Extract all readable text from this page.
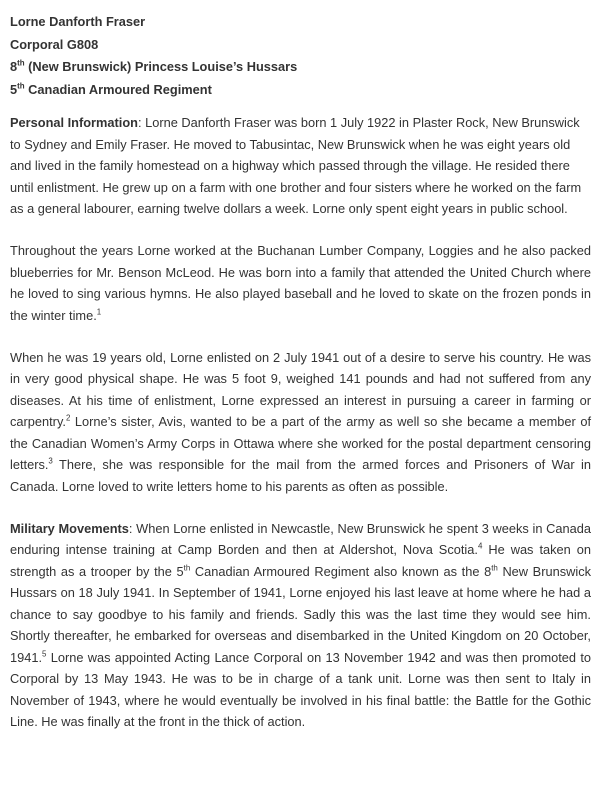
Lorne Danforth Fraser
Corporal G808
8th (New Brunswick) Princess Louise’s Hussars
5th Canadian Armoured Regiment

Personal Information: Lorne Danforth Fraser was born 1 July 1922 in Plaster Rock, New Brunswick to Sydney and Emily Fraser. He moved to Tabusintac, New Brunswick when he was eight years old and lived in the family homestead on a highway which passed through the village. He resided there until enlistment. He grew up on a farm with one brother and four sisters where he worked on the farm as a general labourer, earning twelve dollars a week. Lorne only spent eight years in public school.

Throughout the years Lorne worked at the Buchanan Lumber Company, Loggies and he also packed blueberries for Mr. Benson McLeod. He was born into a family that attended the United Church where he loved to sing various hymns. He also played baseball and he loved to skate on the frozen ponds in the winter time.$^1$

When he was 19 years old, Lorne enlisted on 2 July 1941 out of a desire to serve his country. He was in very good physical shape. He was 5 foot 9, weighed 141 pounds and had not suffered from any diseases. At his time of enlistment, Lorne expressed an interest in pursuing a career in farming or carpentry.$^2$ Lorne’s sister, Avis, wanted to be a part of the army as well so she became a member of the Canadian Women’s Army Corps in Ottawa where she worked for the postal department censoring letters.$^3$ There, she was responsible for the mail from the armed forces and Prisoners of War in Canada. Lorne loved to write letters home to his parents as often as possible.

Military Movements: When Lorne enlisted in Newcastle, New Brunswick he spent 3 weeks in Canada enduring intense training at Camp Borden and then at Aldershot, Nova Scotia.$^4$ He was taken on strength as a trooper by the 5th Canadian Armoured Regiment also known as the 8th New Brunswick Hussars on 18 July 1941. In September of 1941, Lorne enjoyed his last leave at home where he had a chance to say goodbye to his family and friends. Sadly this was the last time they would see him. Shortly thereafter, he embarked for overseas and disembarked in the United Kingdom on 20 October, 1941.$^5$ Lorne was appointed Acting Lance Corporal on 13 November 1942 and was then promoted to Corporal by 13 May 1943. He was to be in charge of a tank unit. Lorne was then sent to Italy in November of 1943, where he would eventually be involved in his final battle: the Battle for the Gothic Line. He was finally at the front in the thick of action.
